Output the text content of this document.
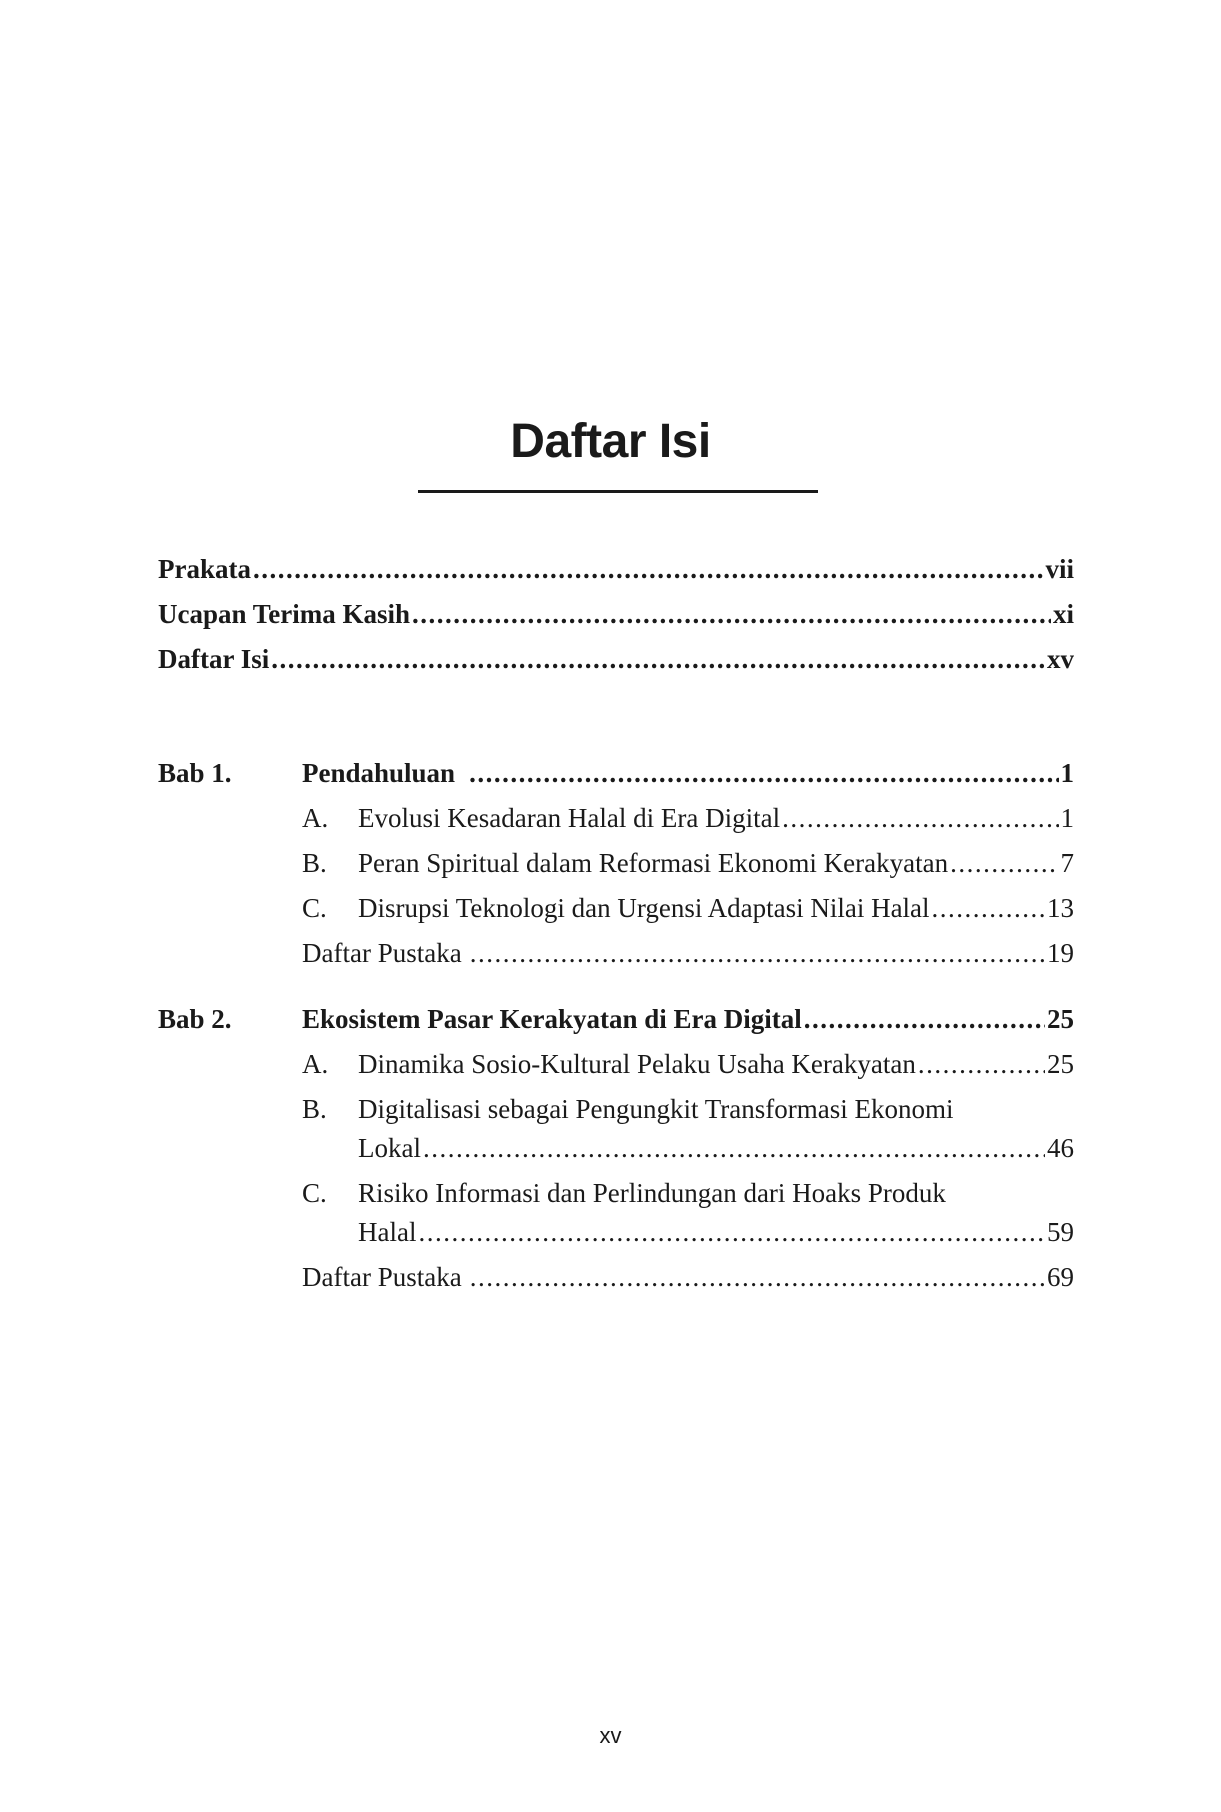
Daftar Isi
Prakata .....	vii
Ucapan Terima Kasih .....	xi
Daftar Isi .....	xv
Bab 1.	Pendahuluan .....	1
A. Evolusi Kesadaran Halal di Era Digital .....	1
B. Peran Spiritual dalam Reformasi Ekonomi Kerakyatan .....	7
C. Disrupsi Teknologi dan Urgensi Adaptasi Nilai Halal .....	13
Daftar Pustaka .....	19
Bab 2.	Ekosistem Pasar Kerakyatan di Era Digital .....	25
A. Dinamika Sosio-Kultural Pelaku Usaha Kerakyatan .....	25
B. Digitalisasi sebagai Pengungkit Transformasi Ekonomi
Lokal .....	46
C. Risiko Informasi dan Perlindungan dari Hoaks Produk
Halal .....	59
Daftar Pustaka .....	69
xv
